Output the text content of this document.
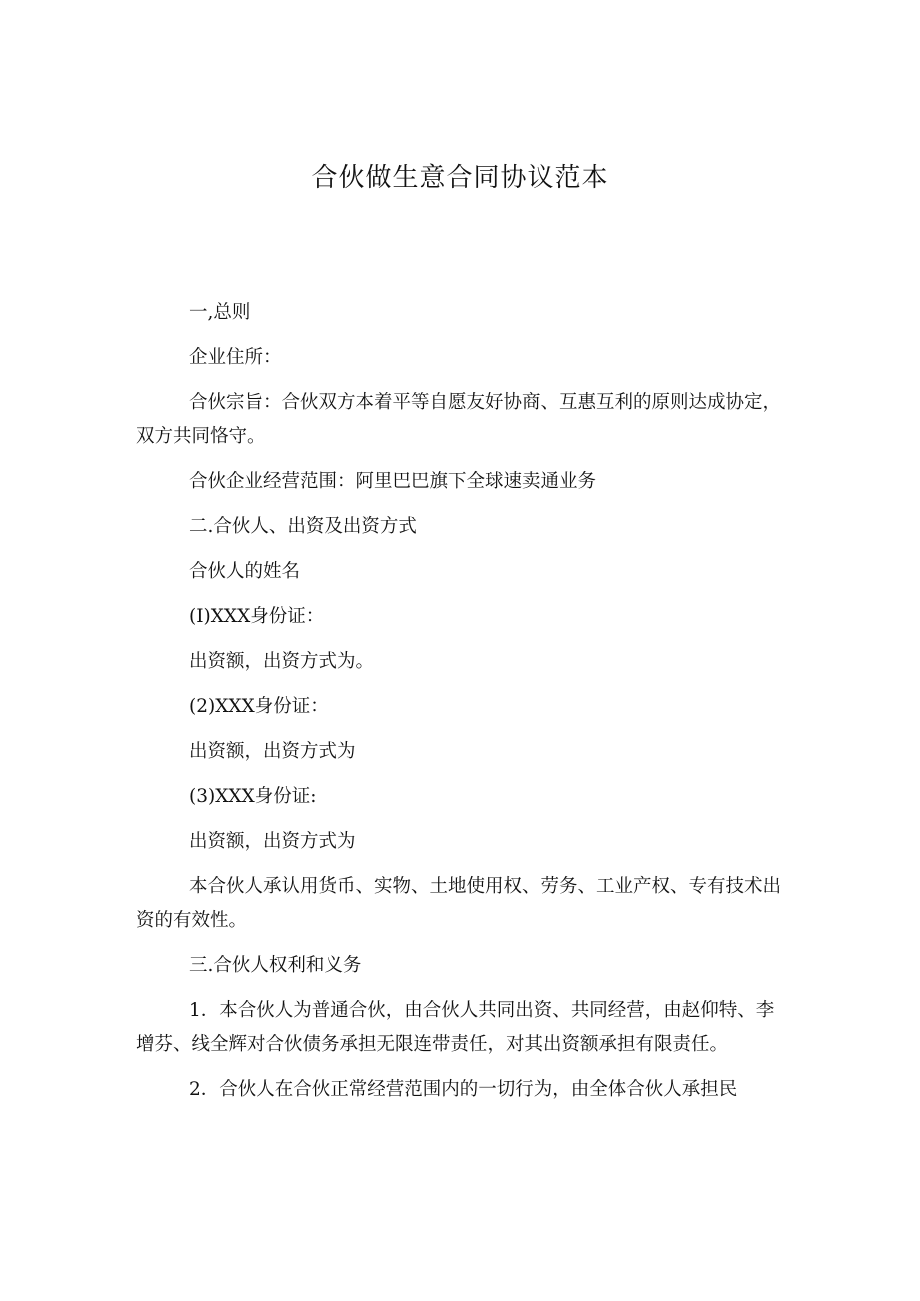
合伙做生意合同协议范本

一,总则

企业住所：

合伙宗旨：合伙双方本着平等自愿友好协商、互惠互利的原则达成协定，双方共同恪守。

合伙企业经营范围：阿里巴巴旗下全球速卖通业务

二.合伙人、出资及出资方式

合伙人的姓名

(I)XXX身份证：

出资额，出资方式为。

(2)XXX身份证：

出资额，出资方式为

(3)XXX身份证:

出资额，出资方式为

本合伙人承认用货币、实物、土地使用权、劳务、工业产权、专有技术出资的有效性。

三.合伙人权利和义务

1．本合伙人为普通合伙，由合伙人共同出资、共同经营，由赵仰特、李增芬、线全辉对合伙债务承担无限连带责任，对其出资额承担有限责任。

2．合伙人在合伙正常经营范围内的一切行为，由全体合伙人承担民
